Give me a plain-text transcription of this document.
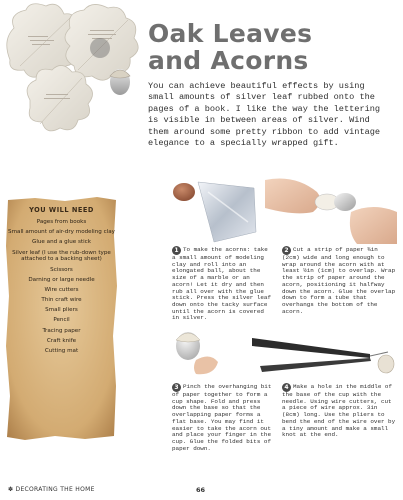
Oak Leaves
and Acorns

You can achieve beautiful effects by using small amounts of silver leaf rubbed onto the pages of a book. I like the way the lettering is visible in between areas of silver. Wind them around some pretty ribbon to add vintage elegance to a specially wrapped gift.

YOU WILL NEED
Pages from books
Small amount of air-dry modeling clay
Glue and a glue stick
Silver leaf (I use the rub-down type attached to a backing sheet)
Scissors
Darning or large needle
Wire cutters
Thin craft wire
Small pliers
Pencil
Tracing paper
Craft knife
Cutting mat

1 To make the acorns: take a small amount of modeling clay and roll into an elongated ball, about the size of a marble or an acorn! Let it dry and then rub all over with the glue stick. Press the silver leaf down onto the tacky surface until the acorn is covered in silver.

2 Cut a strip of paper ¾in (2cm) wide and long enough to wrap around the acorn with at least ½in (1cm) to overlap. Wrap the strip of paper around the acorn, positioning it halfway down the acorn. Glue the overlap down to form a tube that overhangs the bottom of the acorn.

3 Pinch the overhanging bit of paper together to form a cup shape. Fold and press down the base so that the overlapping paper forms a flat base. You may find it easier to take the acorn out and place your finger in the cup. Glue the folded bits of paper down.

4 Make a hole in the middle of the base of the cup with the needle. Using wire cutters, cut a piece of wire approx. 3in (8cm) long. Use the pliers to bend the end of the wire over by a tiny amount and make a small knot at the end.

✽ DECORATING THE HOME	66
